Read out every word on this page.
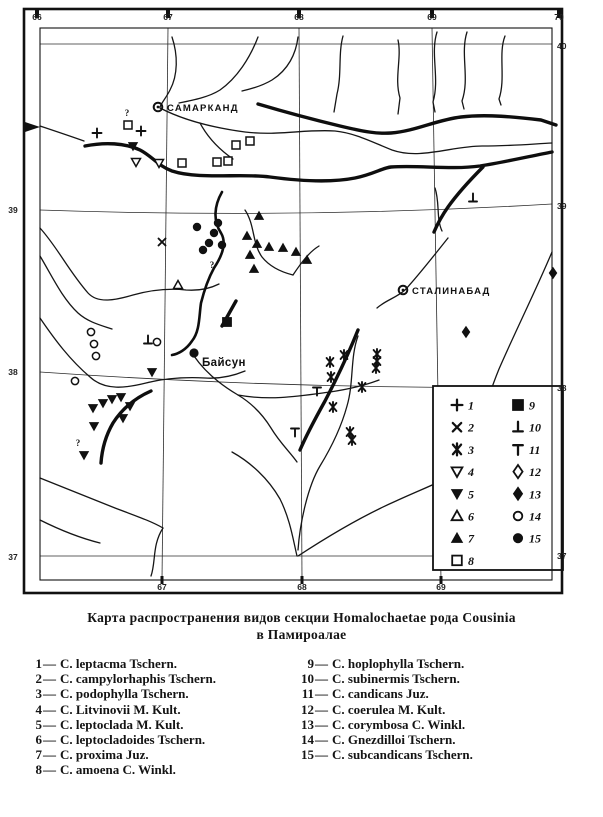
САМАРКАНД
СТАЛИНАБАД
Байсун
?
?
?
1
2
3
4
5
6
7
8
9
10
11
12
13
14
15
66	67	68	69	70
67	68	69
39
38
37
40
39
38
37
Карта распространения видов секции Homalochaetae рода Cousinia
в Памироалае
1— C. leptacma Tschern.
2— C. campylorhaphis Tschern.
3— C. podophylla Tschern.
4— C. Litvinovii M. Kult.
5— C. leptoclada M. Kult.
6— C. leptocladoides Tschern.
7— C. proxima Juz.
8— C. amoena C. Winkl.
9— C. hoplophylla Tschern.
10— C. subinermis Tschern.
11— C. candicans Juz.
12— C. coerulea M. Kult.
13— C. corymbosa C. Winkl.
14— C. Gnezdilloi Tschern.
15— C. subcandicans Tschern.
